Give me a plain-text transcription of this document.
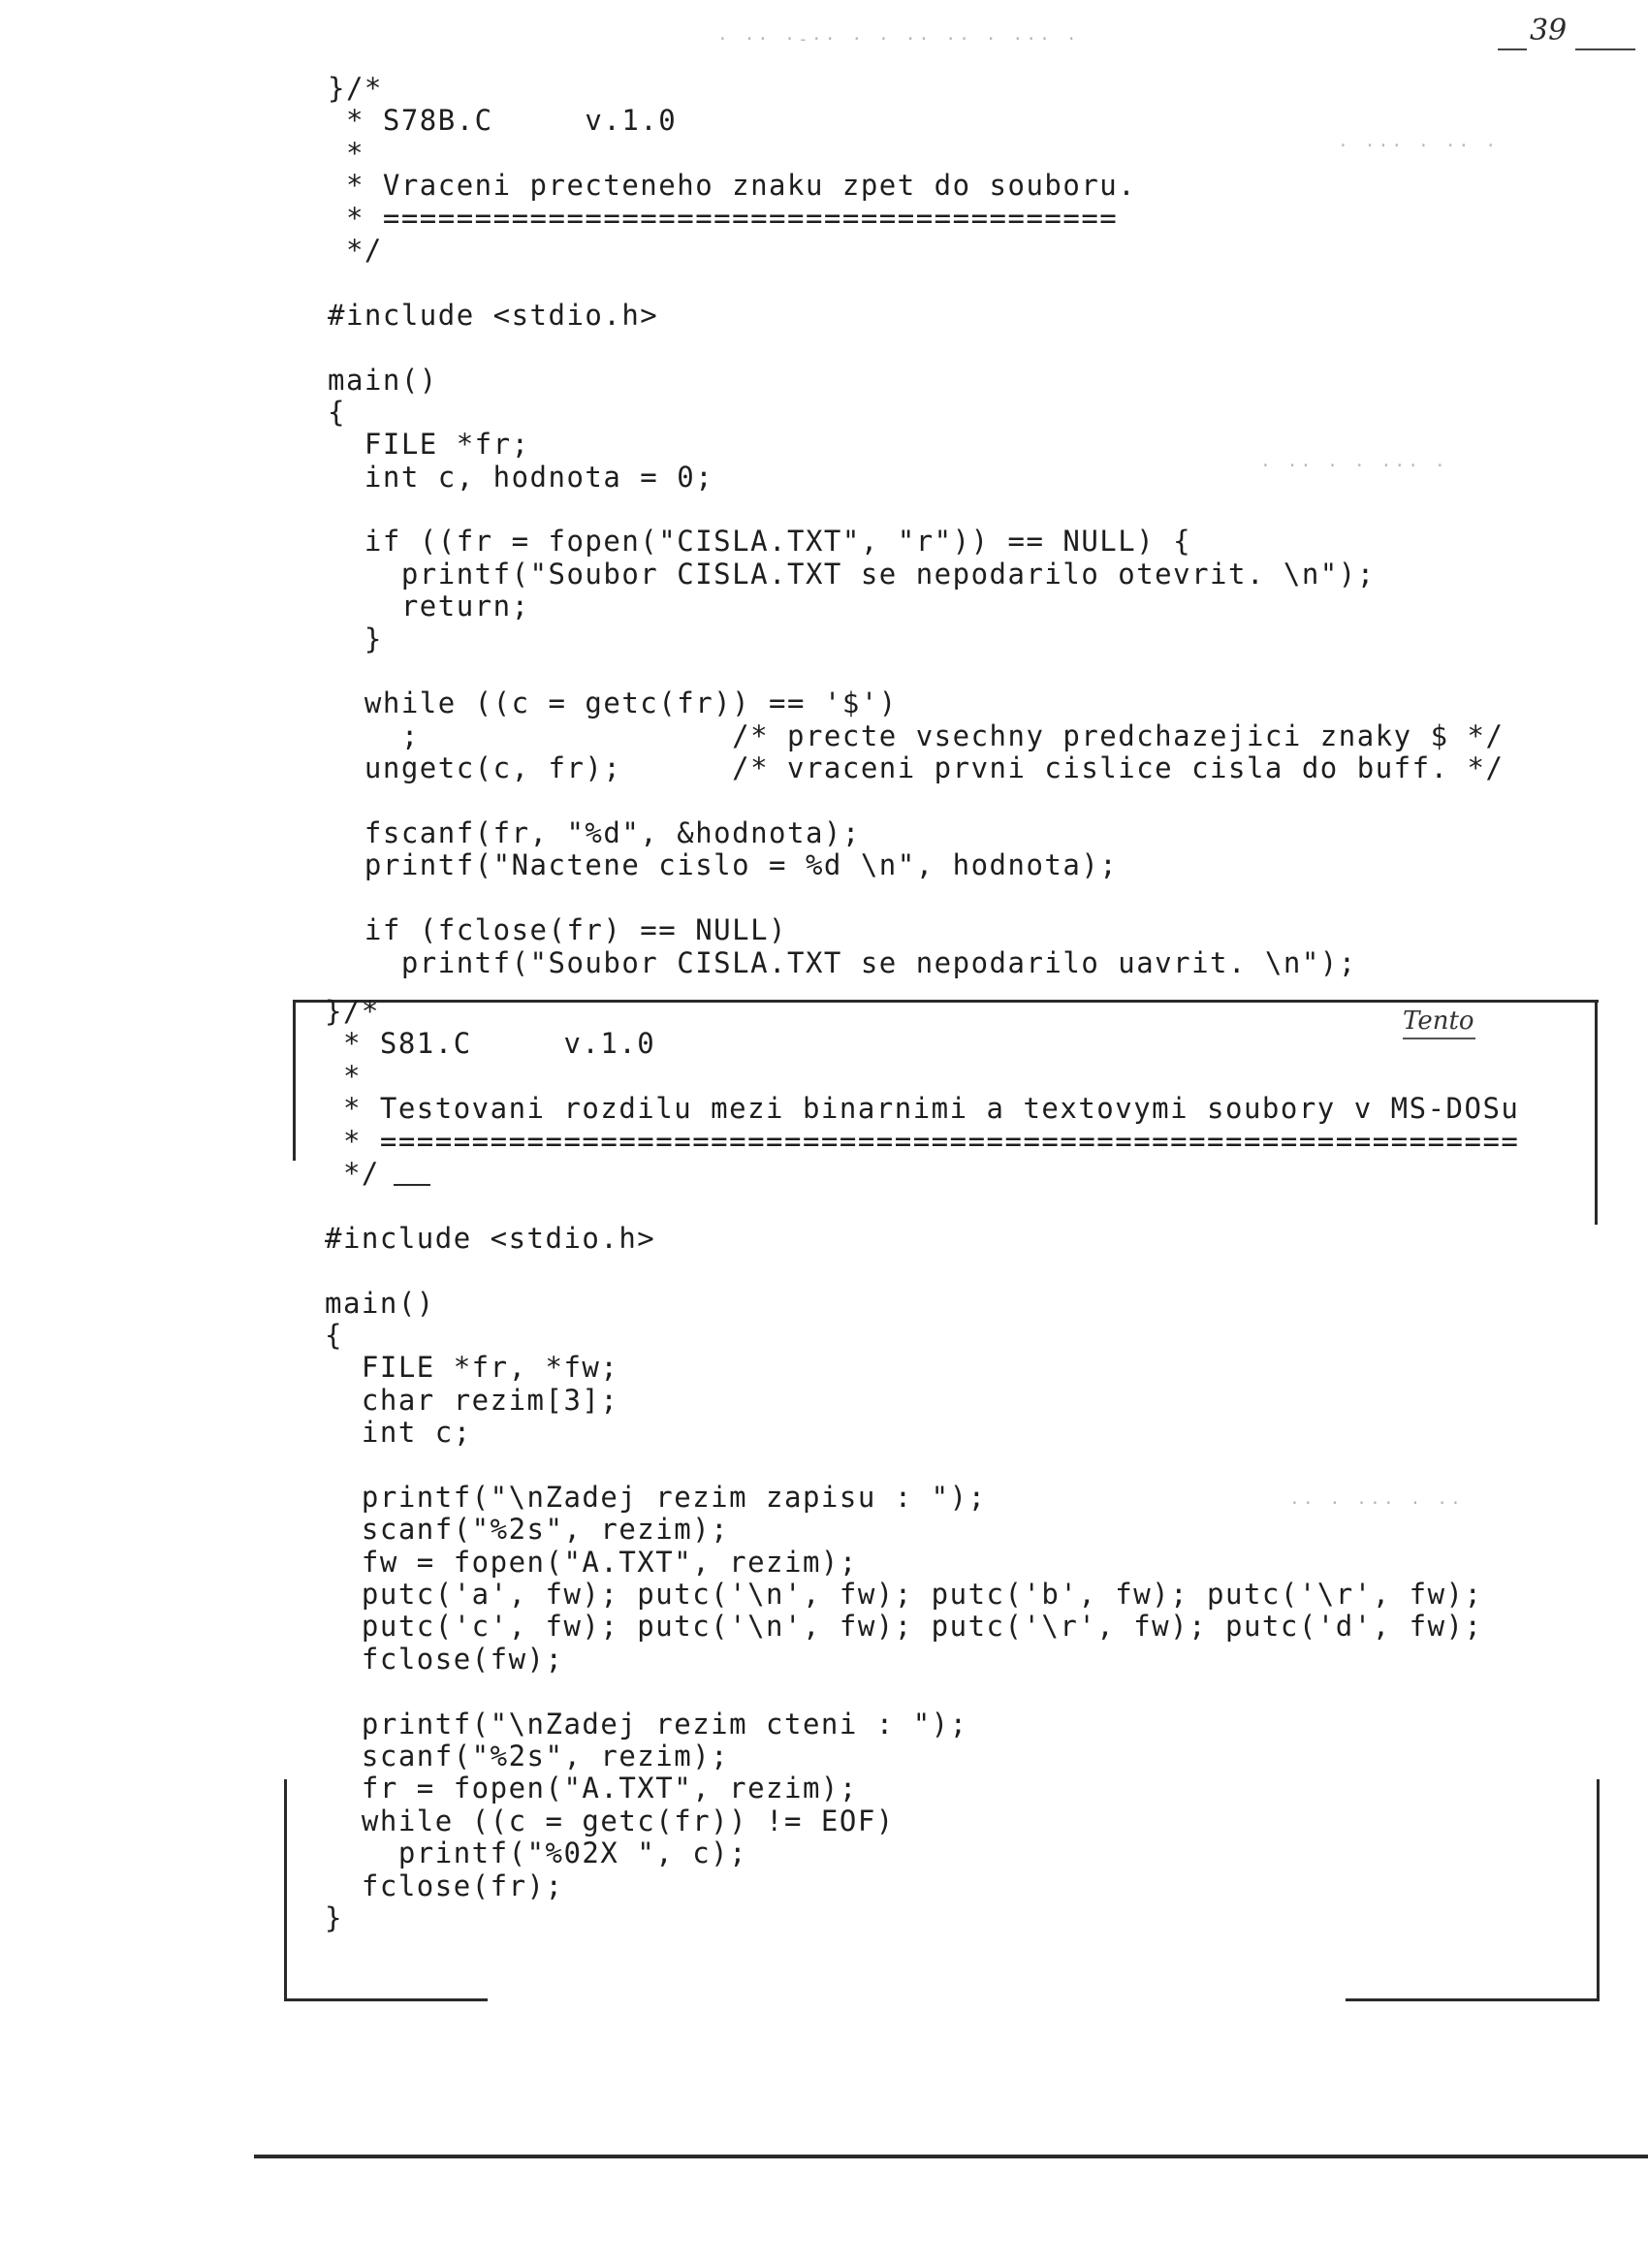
39
· ·· ·-·· · · ·· ·· · ··· ·
· ··· · ·· ·
· ·· · · ··· ·
·· · ··· · ··
}/*
* S78B.C     v.1.0
*
* Vraceni precteneho znaku zpet do souboru.
* ========================================
*/

#include <stdio.h>

main()
{
FILE *fr;
int c, hodnota = 0;

if ((fr = fopen("CISLA.TXT", "r")) == NULL) {
printf("Soubor CISLA.TXT se nepodarilo otevrit. \n");
return;
}

while ((c = getc(fr)) == '$')
;                 /* precte vsechny predchazejici znaky $ */
ungetc(c, fr);      /* vraceni prvni cislice cisla do buff. */

fscanf(fr, "%d", &hodnota);
printf("Nactene cislo = %d \n", hodnota);

if (fclose(fr) == NULL)
printf("Soubor CISLA.TXT se nepodarilo uavrit. \n");
Tento
}/*
* S81.C     v.1.0
*
* Testovani rozdilu mezi binarnimi a textovymi soubory v MS-DOSu
* ==============================================================
*/

#include <stdio.h>

main()
{
FILE *fr, *fw;
char rezim[3];
int c;

printf("\nZadej rezim zapisu : ");
scanf("%2s", rezim);
fw = fopen("A.TXT", rezim);
putc('a', fw); putc('\n', fw); putc('b', fw); putc('\r', fw);
putc('c', fw); putc('\n', fw); putc('\r', fw); putc('d', fw);
fclose(fw);

printf("\nZadej rezim cteni : ");
scanf("%2s", rezim);
fr = fopen("A.TXT", rezim);
while ((c = getc(fr)) != EOF)
printf("%02X ", c);
fclose(fr);
}
